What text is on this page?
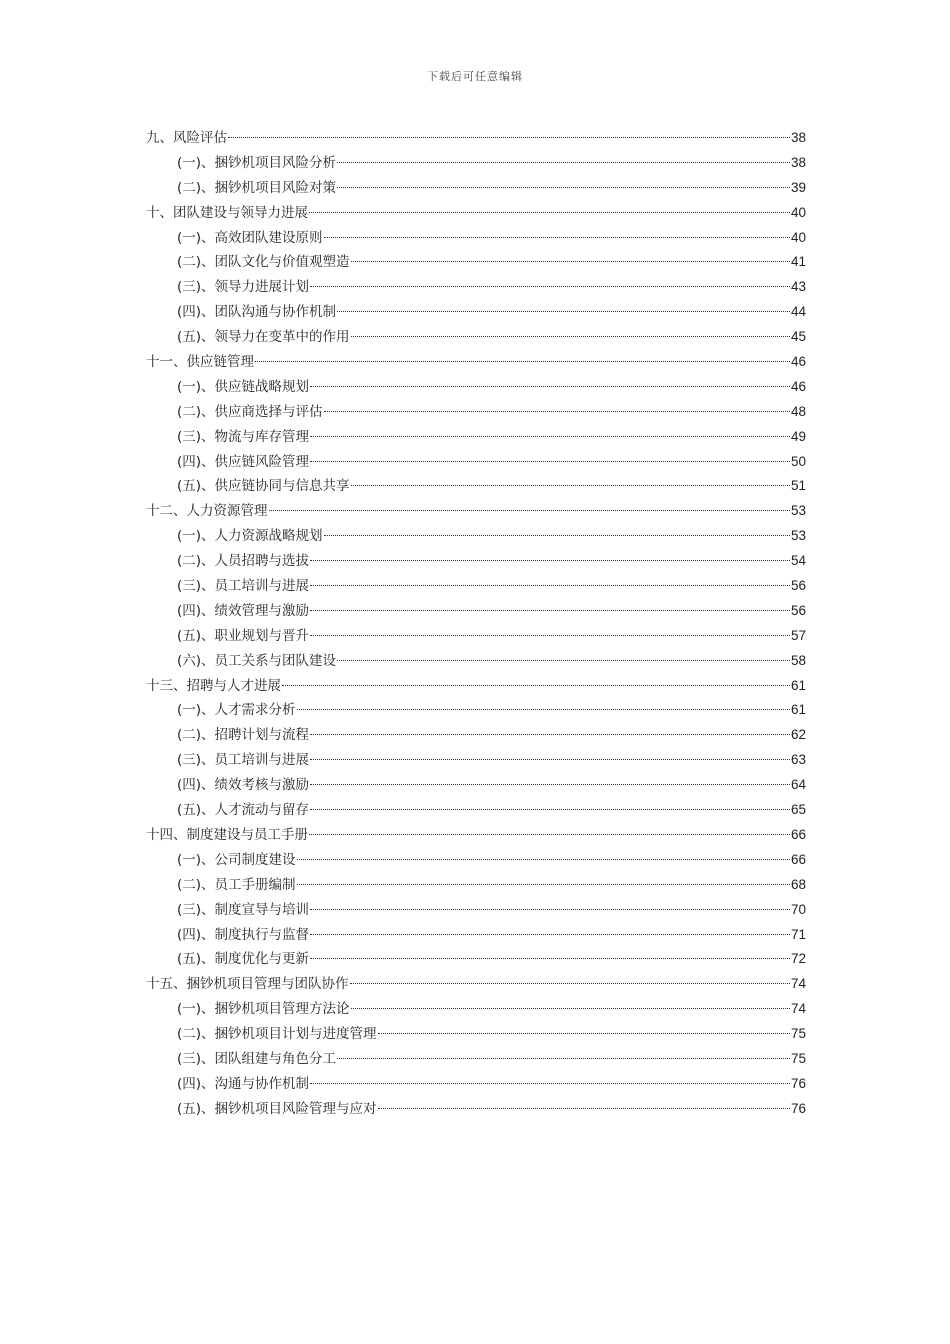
下载后可任意编辑
九、风险评估	38
(一)、捆钞机项目风险分析	38
(二)、捆钞机项目风险对策	39
十、团队建设与领导力进展	40
(一)、高效团队建设原则	40
(二)、团队文化与价值观塑造	41
(三)、领导力进展计划	43
(四)、团队沟通与协作机制	44
(五)、领导力在变革中的作用	45
十一、供应链管理	46
(一)、供应链战略规划	46
(二)、供应商选择与评估	48
(三)、物流与库存管理	49
(四)、供应链风险管理	50
(五)、供应链协同与信息共享	51
十二、人力资源管理	53
(一)、人力资源战略规划	53
(二)、人员招聘与选拔	54
(三)、员工培训与进展	56
(四)、绩效管理与激励	56
(五)、职业规划与晋升	57
(六)、员工关系与团队建设	58
十三、招聘与人才进展	61
(一)、人才需求分析	61
(二)、招聘计划与流程	62
(三)、员工培训与进展	63
(四)、绩效考核与激励	64
(五)、人才流动与留存	65
十四、制度建设与员工手册	66
(一)、公司制度建设	66
(二)、员工手册编制	68
(三)、制度宣导与培训	70
(四)、制度执行与监督	71
(五)、制度优化与更新	72
十五、捆钞机项目管理与团队协作	74
(一)、捆钞机项目管理方法论	74
(二)、捆钞机项目计划与进度管理	75
(三)、团队组建与角色分工	75
(四)、沟通与协作机制	76
(五)、捆钞机项目风险管理与应对	76
